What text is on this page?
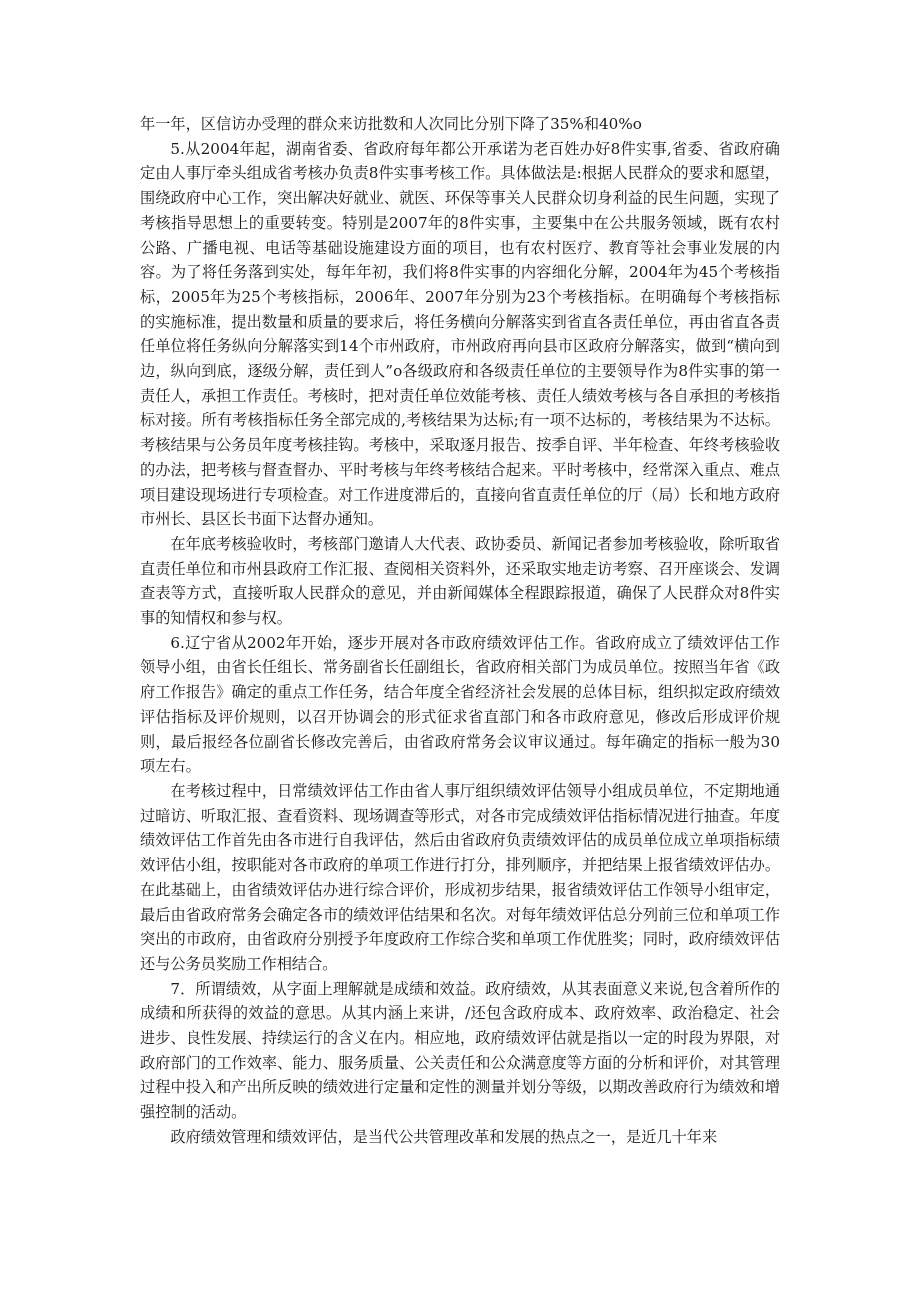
年一年，区信访办受理的群众来访批数和人次同比分别下降了35%和40%o

5.从2004年起，湖南省委、省政府每年都公开承诺为老百姓办好8件实事,省委、省政府确定由人事厅牵头组成省考核办负责8件实事考核工作。具体做法是:根据人民群众的要求和愿望，围绕政府中心工作，突出解决好就业、就医、环保等事关人民群众切身利益的民生问题，实现了考核指导思想上的重要转变。特别是2007年的8件实事，主要集中在公共服务领域，既有农村公路、广播电视、电话等基础设施建设方面的项目，也有农村医疗、教育等社会事业发展的内容。为了将任务落到实处，每年年初，我们将8件实事的内容细化分解，2004年为45个考核指标，2005年为25个考核指标，2006年、2007年分别为23个考核指标。在明确每个考核指标的实施标准，提出数量和质量的要求后，将任务横向分解落实到省直各责任单位，再由省直各责任单位将任务纵向分解落实到14个市州政府，市州政府再向县市区政府分解落实，做到“横向到边，纵向到底，逐级分解，责任到人”o各级政府和各级责任单位的主要领导作为8件实事的第一责任人，承担工作责任。考核时，把对责任单位效能考核、责任人绩效考核与各自承担的考核指标对接。所有考核指标任务全部完成的,考核结果为达标;有一项不达标的，考核结果为不达标。考核结果与公务员年度考核挂钩。考核中，采取逐月报告、按季自评、半年检查、年终考核验收的办法，把考核与督查督办、平时考核与年终考核结合起来。平时考核中，经常深入重点、难点项目建设现场进行专项检查。对工作进度滞后的，直接向省直责任单位的厅（局）长和地方政府市州长、县区长书面下达督办通知。

在年底考核验收时，考核部门邀请人大代表、政协委员、新闻记者参加考核验收，除听取省直责任单位和市州县政府工作汇报、查阅相关资料外，还采取实地走访考察、召开座谈会、发调查表等方式，直接听取人民群众的意见，并由新闻媒体全程跟踪报道，确保了人民群众对8件实事的知情权和参与权。

6.辽宁省从2002年开始，逐步开展对各市政府绩效评估工作。省政府成立了绩效评估工作领导小组，由省长任组长、常务副省长任副组长，省政府相关部门为成员单位。按照当年省《政府工作报告》确定的重点工作任务，结合年度全省经济社会发展的总体目标，组织拟定政府绩效评估指标及评价规则，以召开协调会的形式征求省直部门和各市政府意见，修改后形成评价规则，最后报经各位副省长修改完善后，由省政府常务会议审议通过。每年确定的指标一般为30项左右。

在考核过程中，日常绩效评估工作由省人事厅组织绩效评估领导小组成员单位，不定期地通过暗访、听取汇报、查看资料、现场调查等形式，对各市完成绩效评估指标情况进行抽查。年度绩效评估工作首先由各市进行自我评估，然后由省政府负责绩效评估的成员单位成立单项指标绩效评估小组，按职能对各市政府的单项工作进行打分，排列顺序，并把结果上报省绩效评估办。在此基础上，由省绩效评估办进行综合评价，形成初步结果，报省绩效评估工作领导小组审定，最后由省政府常务会确定各市的绩效评估结果和名次。对每年绩效评估总分列前三位和单项工作突出的市政府，由省政府分别授予年度政府工作综合奖和单项工作优胜奖；同时，政府绩效评估还与公务员奖励工作相结合。

7．所谓绩效，从字面上理解就是成绩和效益。政府绩效，从其表面意义来说,包含着所作的成绩和所获得的效益的意思。从其内涵上来讲，/还包含政府成本、政府效率、政治稳定、社会进步、良性发展、持续运行的含义在内。相应地，政府绩效评估就是指以一定的时段为界限，对政府部门的工作效率、能力、服务质量、公关责任和公众满意度等方面的分析和评价，对其管理过程中投入和产出所反映的绩效进行定量和定性的测量并划分等级，以期改善政府行为绩效和增强控制的活动。

政府绩效管理和绩效评估，是当代公共管理改革和发展的热点之一，是近几十年来
